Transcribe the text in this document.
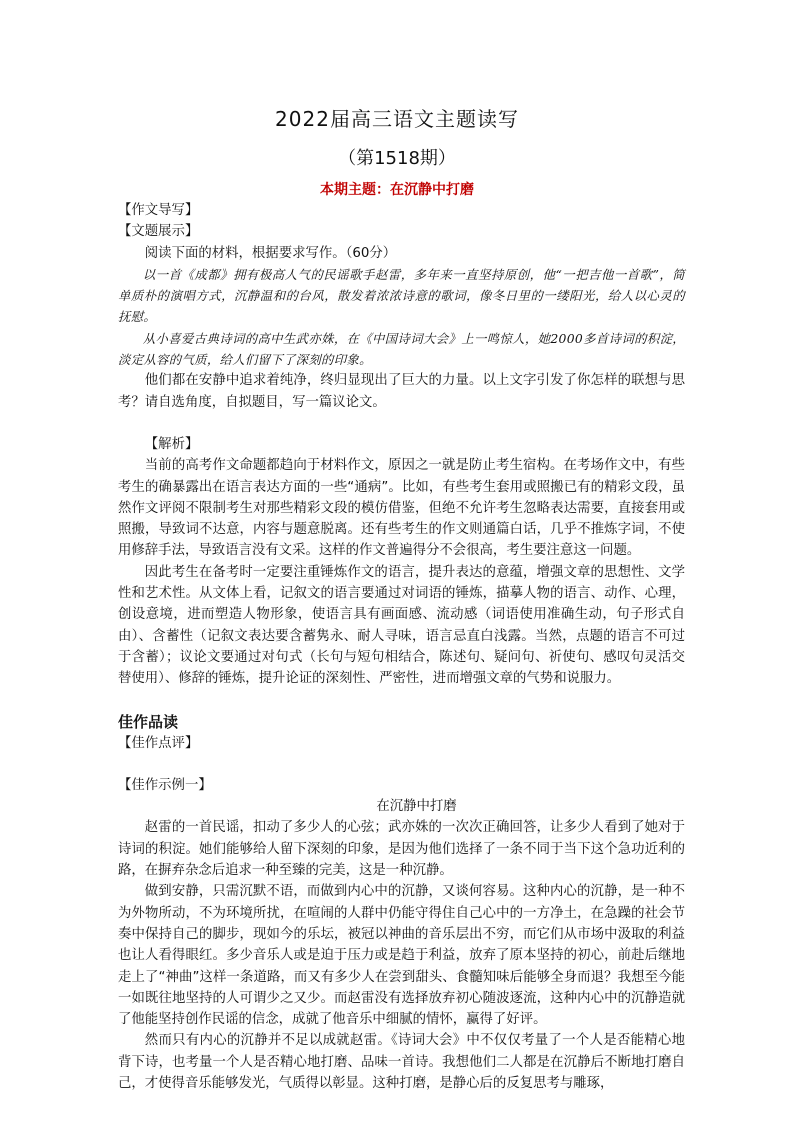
2022届高三语文主题读写
（第1518期）
本期主题：在沉静中打磨

【作文导写】

【文题展示】

阅读下面的材料，根据要求写作。（60分）

以一首《成都》拥有极高人气的民谣歌手赵雷，多年来一直坚持原创，他“一把吉他一首歌”，简单质朴的演唱方式，沉静温和的台风，散发着浓浓诗意的歌词，像冬日里的一缕阳光，给人以心灵的抚慰。

从小喜爱古典诗词的高中生武亦姝，在《中国诗词大会》上一鸣惊人，她2000多首诗词的积淀，淡定从容的气质，给人们留下了深刻的印象。

他们都在安静中追求着纯净，终归显现出了巨大的力量。以上文字引发了你怎样的联想与思考？请自选角度，自拟题目，写一篇议论文。

【解析】

当前的高考作文命题都趋向于材料作文，原因之一就是防止考生宿构。在考场作文中，有些考生的确暴露出在语言表达方面的一些“通病”。比如，有些考生套用或照搬已有的精彩文段，虽然作文评阅不限制考生对那些精彩文段的模仿借鉴，但绝不允许考生忽略表达需要，直接套用或照搬，导致词不达意，内容与题意脱离。还有些考生的作文则通篇白话，几乎不推炼字词，不使用修辞手法，导致语言没有文采。这样的作文普遍得分不会很高，考生要注意这一问题。

因此考生在备考时一定要注重锤炼作文的语言，提升表达的意蕴，增强文章的思想性、文学性和艺术性。从文体上看，记叙文的语言要通过对词语的锤炼，描摹人物的语言、动作、心理，创设意境，进而塑造人物形象，使语言具有画面感、流动感（词语使用准确生动，句子形式自由）、含蓄性（记叙文表达要含蓄隽永、耐人寻味，语言忌直白浅露。当然，点题的语言不可过于含蓄）；议论文要通过对句式（长句与短句相结合，陈述句、疑问句、祈使句、感叹句灵活交替使用）、修辞的锤炼，提升论证的深刻性、严密性，进而增强文章的气势和说服力。

佳作品读

【佳作点评】

【佳作示例一】

在沉静中打磨

赵雷的一首民谣，扣动了多少人的心弦；武亦姝的一次次正确回答，让多少人看到了她对于诗词的积淀。她们能够给人留下深刻的印象，是因为他们选择了一条不同于当下这个急功近利的路，在摒弃杂念后追求一种至臻的完美，这是一种沉静。

做到安静，只需沉默不语，而做到内心中的沉静，又谈何容易。这种内心的沉静，是一种不为外物所动，不为环境所扰，在喧闹的人群中仍能守得住自己心中的一方净土，在急躁的社会节奏中保持自己的脚步，现如今的乐坛，被冠以神曲的音乐层出不穷，而它们从市场中汲取的利益也让人看得眼红。多少音乐人或是迫于压力或是趋于利益，放弃了原本坚持的初心，前赴后继地走上了“神曲”这样一条道路，而又有多少人在尝到甜头、食髓知味后能够全身而退？我想至今能一如既往地坚持的人可谓少之又少。而赵雷没有选择放弃初心随波逐流，这种内心中的沉静造就了他能坚持创作民谣的信念，成就了他音乐中细腻的情怀，赢得了好评。

然而只有内心的沉静并不足以成就赵雷。《诗词大会》中不仅仅考量了一个人是否能精心地背下诗，也考量一个人是否精心地打磨、品味一首诗。我想他们二人都是在沉静后不断地打磨自己，才使得音乐能够发光，气质得以彰显。这种打磨，是静心后的反复思考与雕琢，
